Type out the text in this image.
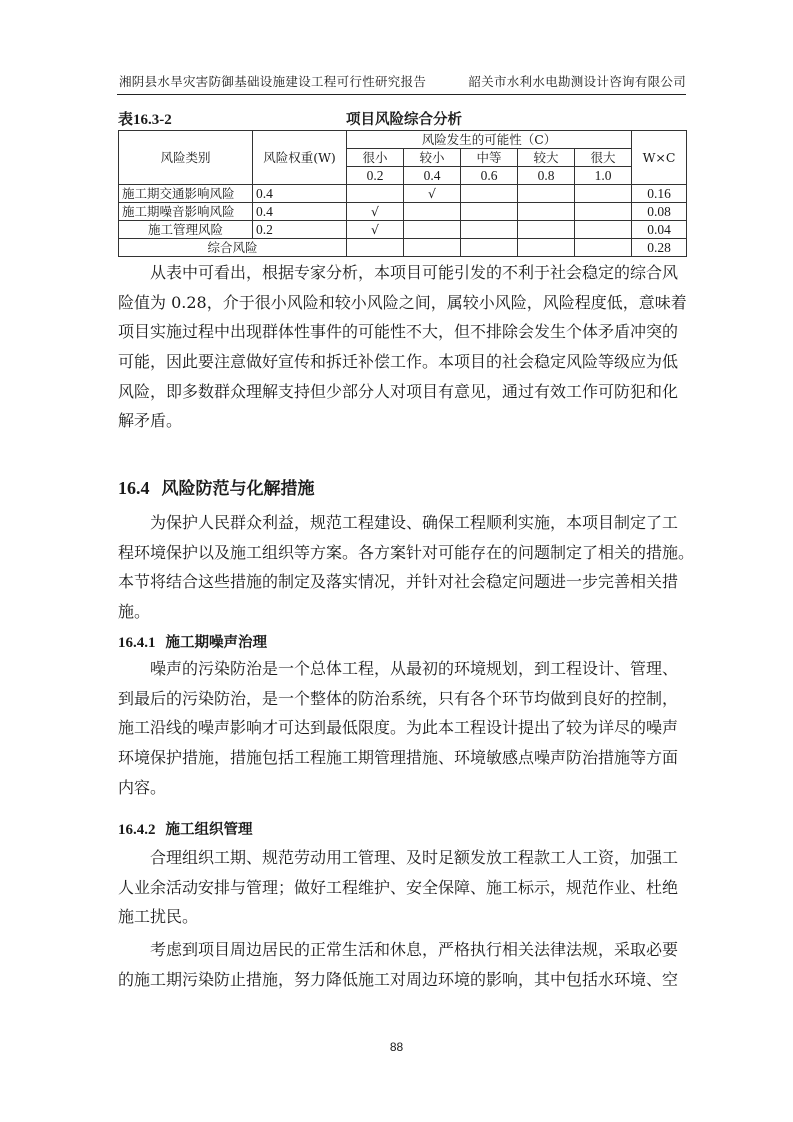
湘阴县水旱灾害防御基础设施建设工程可行性研究报告	韶关市水利水电勘测设计咨询有限公司
表16.3-2	项目风险综合分析
风险类别	风险权重(W)	风险发生的可能性（C）					W×C
		很小	较小	中等	较大	很大	
		0.2	0.4	0.6	0.8	1.0	
施工期交通影响风险	0.4		√				0.16
施工期噪音影响风险	0.4	√					0.08
施工管理风险	0.2	√					0.04
综合风险							0.28
从表中可看出，根据专家分析，本项目可能引发的不利于社会稳定的综合风
险值为 0.28，介于很小风险和较小风险之间，属较小风险，风险程度低，意味着
项目实施过程中出现群体性事件的可能性不大，但不排除会发生个体矛盾冲突的
可能，因此要注意做好宣传和拆迁补偿工作。本项目的社会稳定风险等级应为低
风险，即多数群众理解支持但少部分人对项目有意见，通过有效工作可防犯和化
解矛盾。
16.4 风险防范与化解措施
为保护人民群众利益，规范工程建设、确保工程顺利实施，本项目制定了工
程环境保护以及施工组织等方案。各方案针对可能存在的问题制定了相关的措施。
本节将结合这些措施的制定及落实情况，并针对社会稳定问题进一步完善相关措
施。
16.4.1 施工期噪声治理
噪声的污染防治是一个总体工程，从最初的环境规划，到工程设计、管理、
到最后的污染防治，是一个整体的防治系统，只有各个环节均做到良好的控制，
施工沿线的噪声影响才可达到最低限度。为此本工程设计提出了较为详尽的噪声
环境保护措施，措施包括工程施工期管理措施、环境敏感点噪声防治措施等方面
内容。
16.4.2 施工组织管理
合理组织工期、规范劳动用工管理、及时足额发放工程款工人工资，加强工
人业余活动安排与管理；做好工程维护、安全保障、施工标示，规范作业、杜绝
施工扰民。
考虑到项目周边居民的正常生活和休息，严格执行相关法律法规，采取必要
的施工期污染防止措施，努力降低施工对周边环境的影响，其中包括水环境、空
88
